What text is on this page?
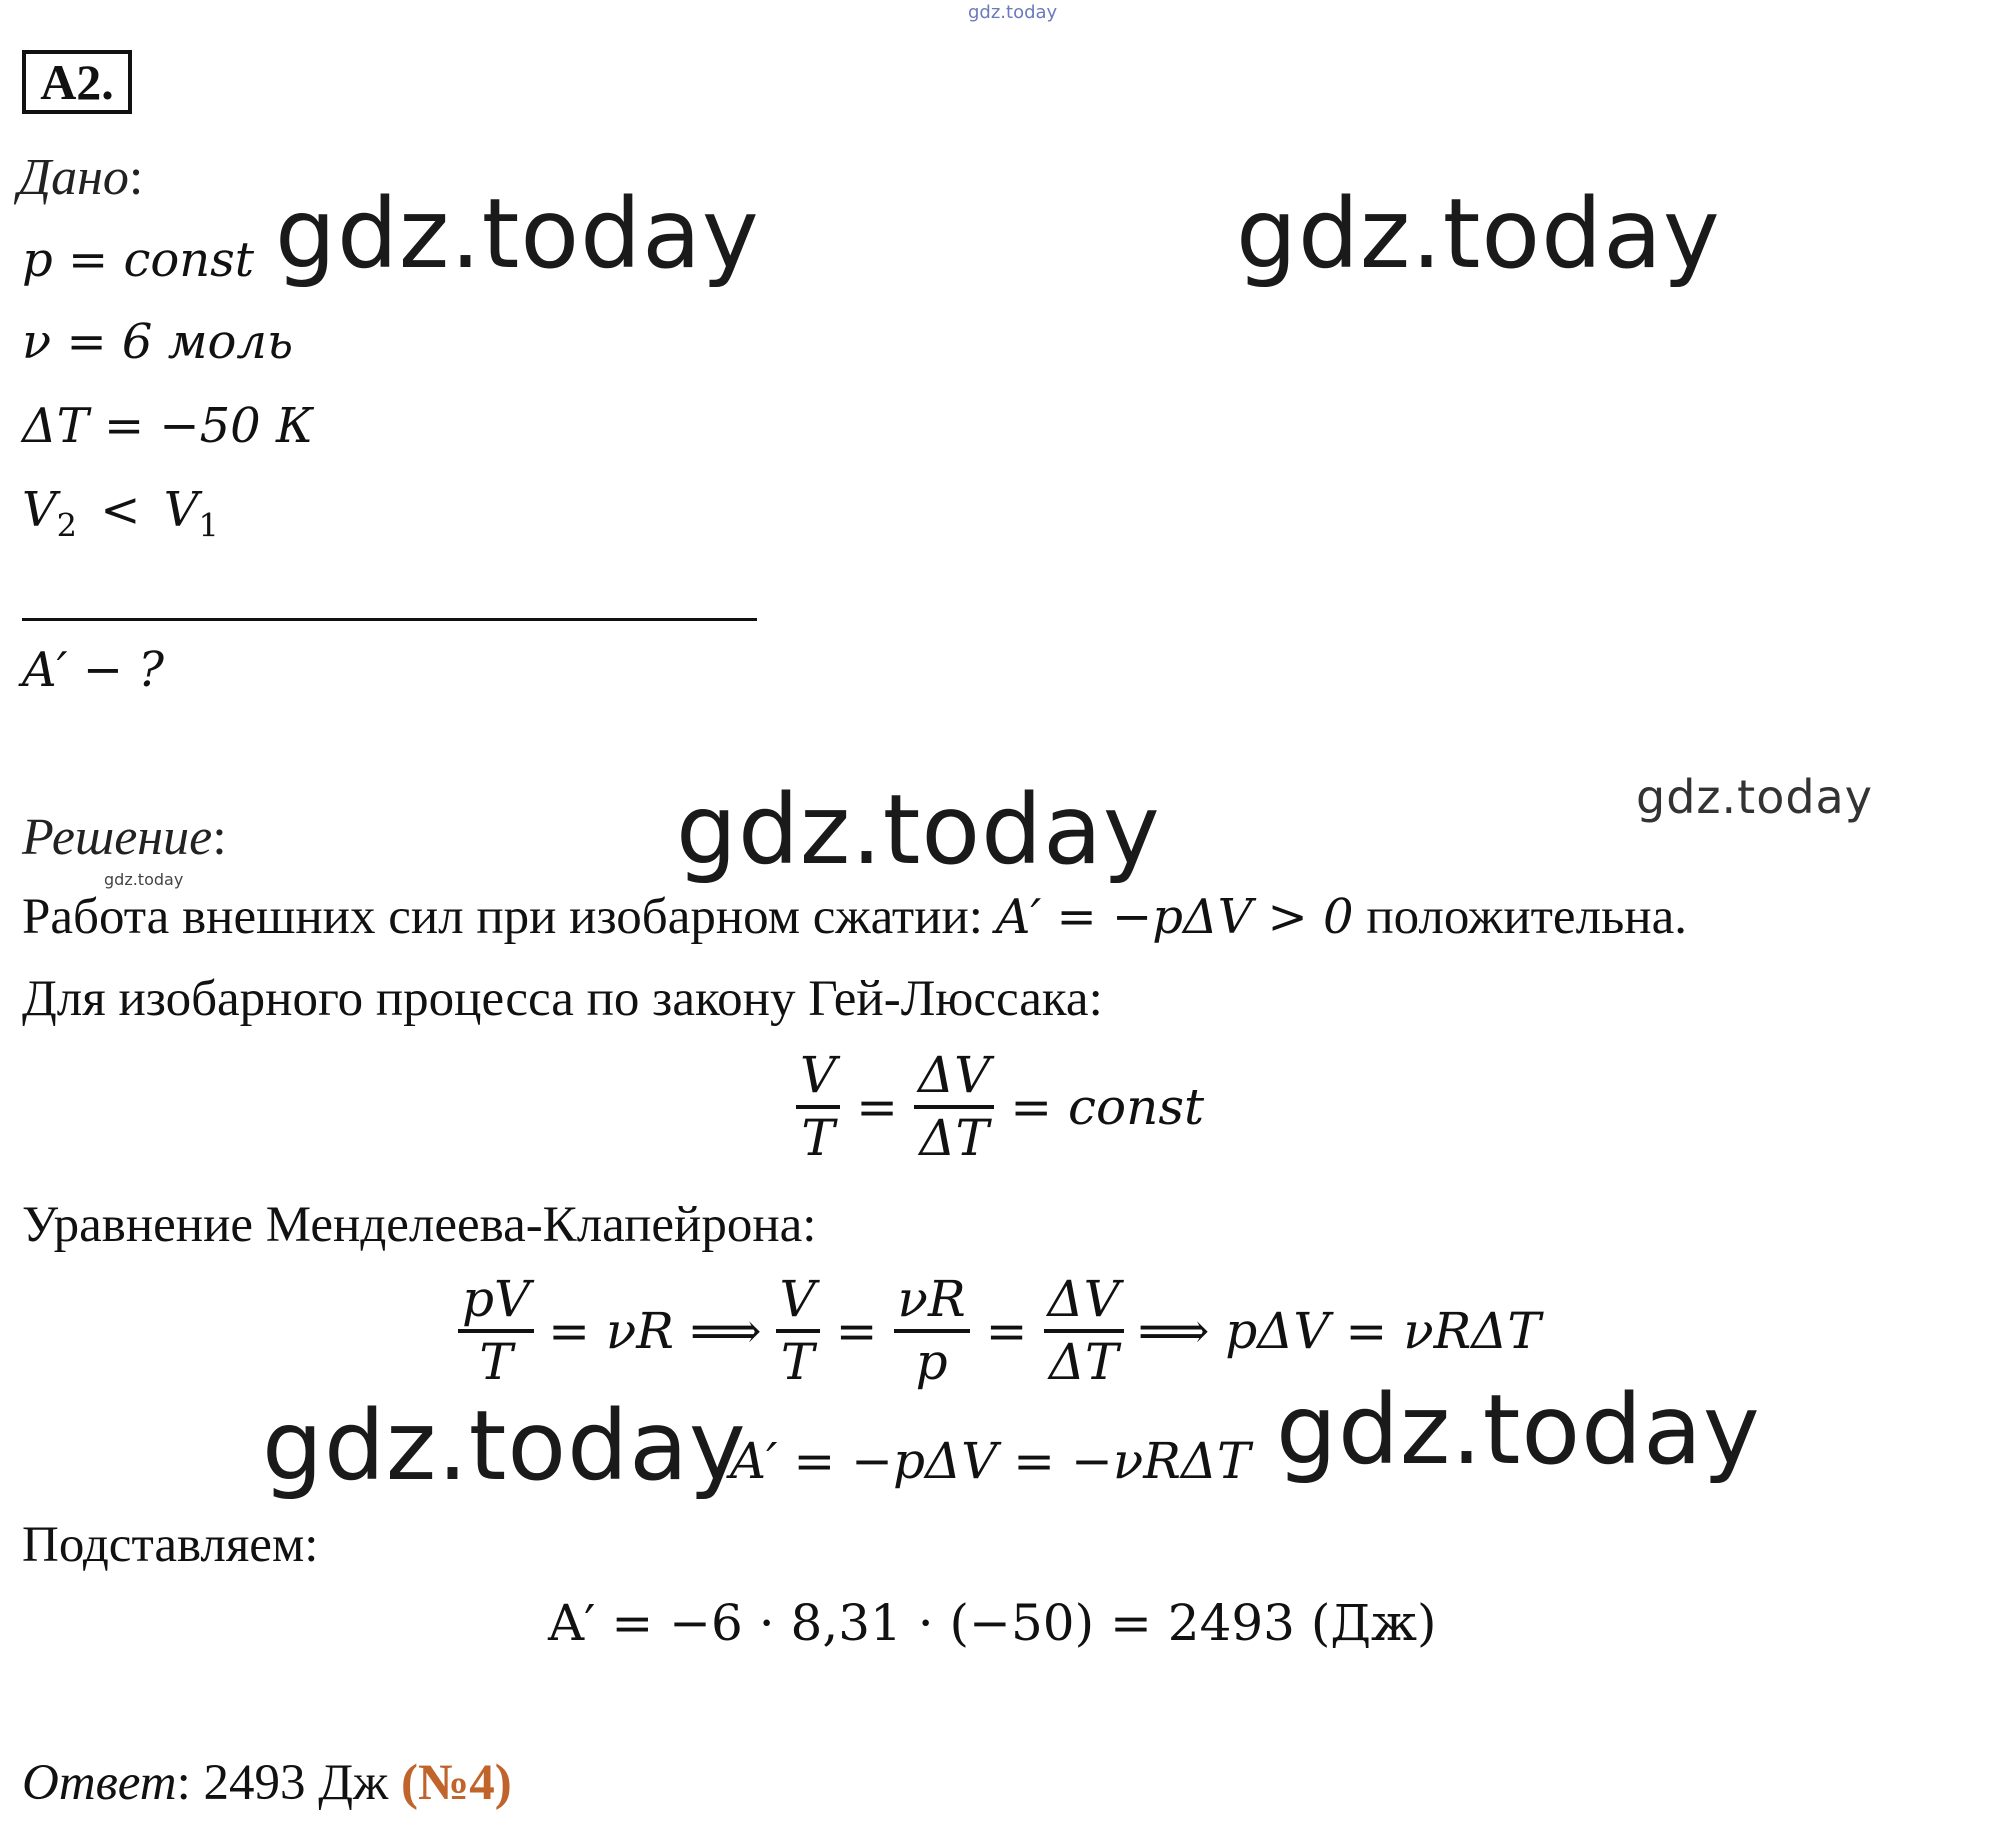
gdz.today
A2.
Дано:
p = const
ν = 6 моль
ΔT = −50 К
$V_2 < V_1$
A′ − ?
Решение:
Работа внешних сил при изобарном сжатии: A′ = −pΔV > 0 положительна.
Для изобарного процесса по закону Гей-Люссака:
$\frac{V}{T} = \frac{\Delta V}{\Delta T}$ = const
Уравнение Менделеева-Клапейрона:
$\frac{pV}{T} = \nu R$ ⟹ $\frac{V}{T} = \frac{\nu R}{p} = \frac{\Delta V}{\Delta T}$ ⟹ pΔV = νRΔT
A′ = −pΔV = −νRΔT
Подставляем:
A′ = −6 · 8,31 · (−50) = 2493 (Дж)
Ответ: 2493 Дж (№4)
gdz.today	gdz.today
gdz.today	gdz.today
gdz.today
gdz.today	gdz.today
